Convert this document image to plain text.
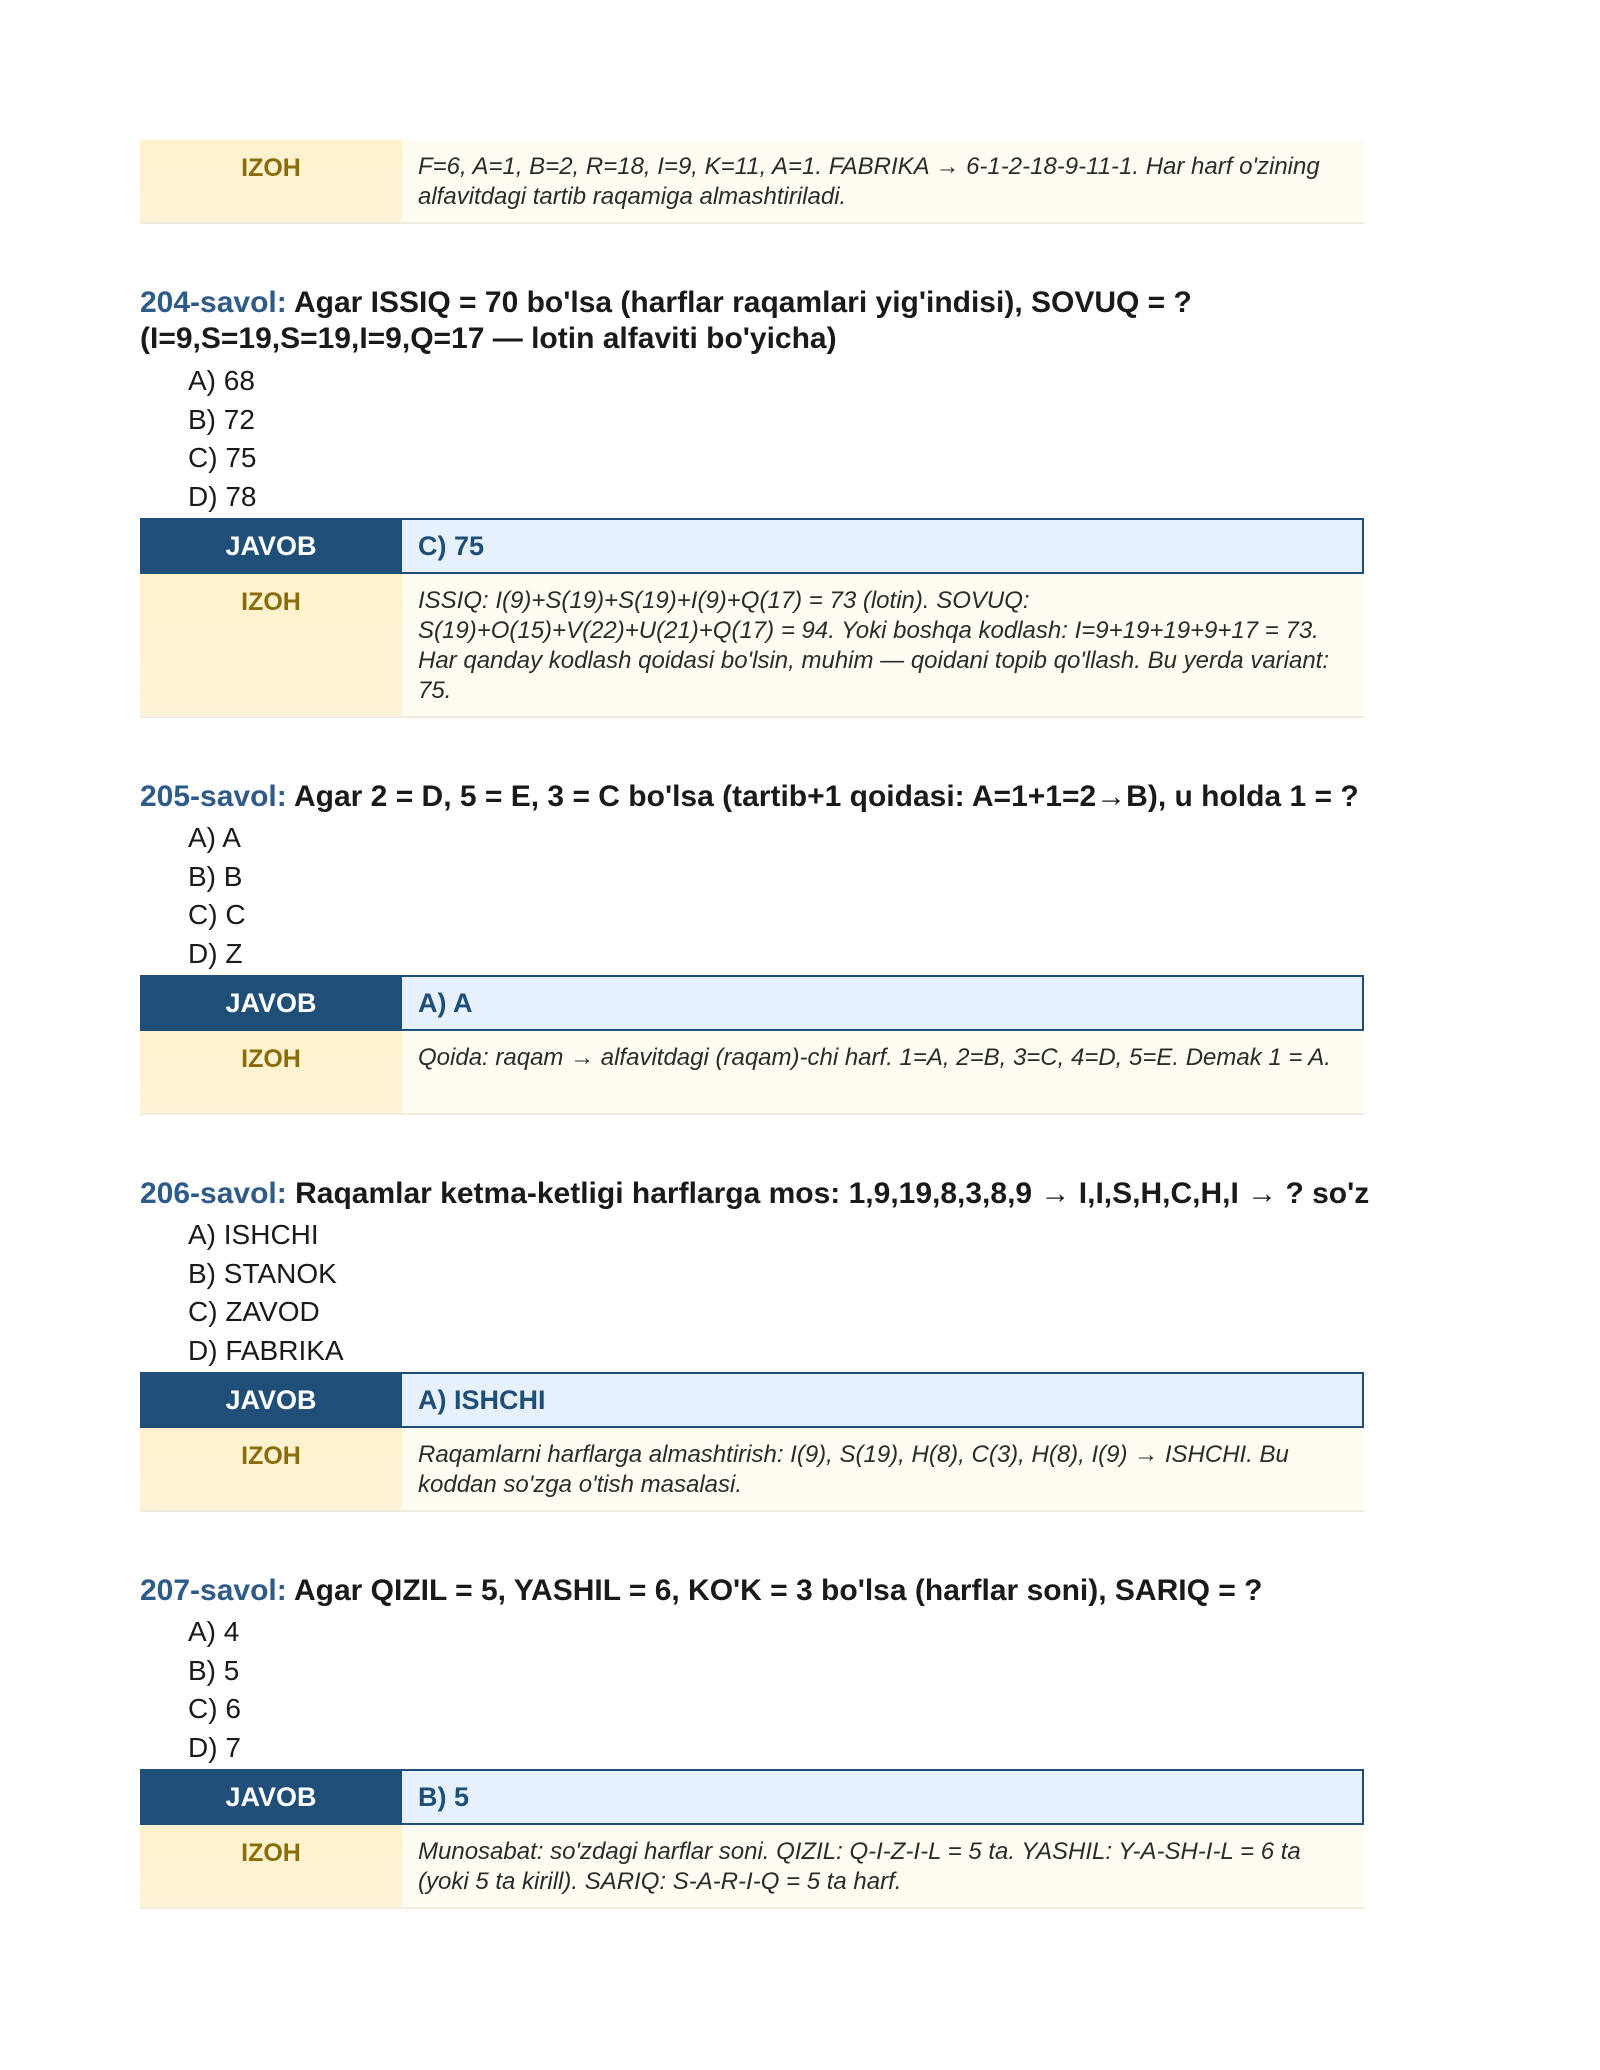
IZOH	F=6, A=1, B=2, R=18, I=9, K=11, A=1. FABRIKA → 6-1-2-18-9-11-1. Har harf o'zining alfavitdagi tartib raqamiga almashtiriladi.
204-savol: Agar ISSIQ = 70 bo'lsa (harflar raqamlari yig'indisi), SOVUQ = ? (I=9,S=19,S=19,I=9,Q=17 — lotin alfaviti bo'yicha)
A) 68
B) 72
C) 75
D) 78
JAVOB	C) 75
IZOH	ISSIQ: I(9)+S(19)+S(19)+I(9)+Q(17) = 73 (lotin). SOVUQ: S(19)+O(15)+V(22)+U(21)+Q(17) = 94. Yoki boshqa kodlash: I=9+19+19+9+17 = 73. Har qanday kodlash qoidasi bo'lsin, muhim — qoidani topib qo'llash. Bu yerda variant: 75.
205-savol: Agar 2 = D, 5 = E, 3 = C bo'lsa (tartib+1 qoidasi: A=1+1=2→B), u holda 1 = ?
A) A
B) B
C) C
D) Z
JAVOB	A) A
IZOH	Qoida: raqam → alfavitdagi (raqam)-chi harf. 1=A, 2=B, 3=C, 4=D, 5=E. Demak 1 = A.
206-savol: Raqamlar ketma-ketligi harflarga mos: 1,9,19,8,3,8,9 → I,I,S,H,C,H,I → ? so'z
A) ISHCHI
B) STANOK
C) ZAVOD
D) FABRIKA
JAVOB	A) ISHCHI
IZOH	Raqamlarni harflarga almashtirish: I(9), S(19), H(8), C(3), H(8), I(9) → ISHCHI. Bu koddan so'zga o'tish masalasi.
207-savol: Agar QIZIL = 5, YASHIL = 6, KO'K = 3 bo'lsa (harflar soni), SARIQ = ?
A) 4
B) 5
C) 6
D) 7
JAVOB	B) 5
IZOH	Munosabat: so'zdagi harflar soni. QIZIL: Q-I-Z-I-L = 5 ta. YASHIL: Y-A-SH-I-L = 6 ta (yoki 5 ta kirill). SARIQ: S-A-R-I-Q = 5 ta harf.
